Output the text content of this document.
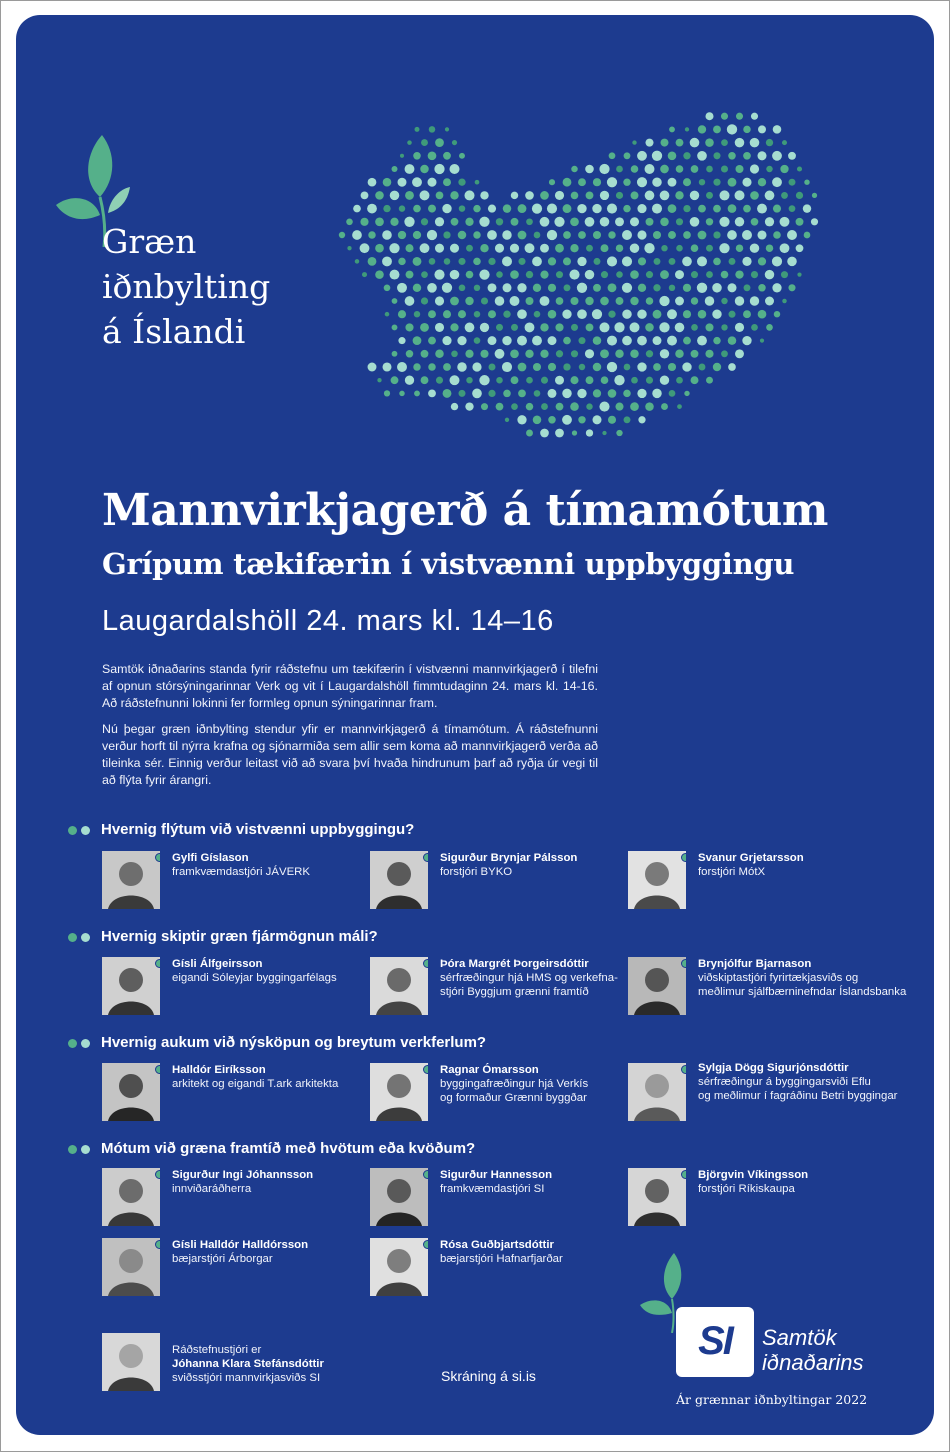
Græn
iðnbylting
á Íslandi
Mannvirkjagerð á tímamótum
Grípum tækifærin í vistvænni uppbyggingu
Laugardalshöll 24. mars kl. 14–16

Samtök iðnaðarins standa fyrir ráðstefnu um tækifærin í vistvænni mannvirkjagerð í tilefni af opnun stórsýningarinnar Verk og vit í Laugardalshöll fimmtudaginn 24. mars kl. 14-16. Að ráðstefnunni lokinni fer formleg opnun sýningarinnar fram.

Nú þegar græn iðnbylting stendur yfir er mannvirkjagerð á tímamótum. Á ráðstefnunni verður horft til nýrra krafna og sjónarmiða sem allir sem koma að mannvirkjagerð verða að tileinka sér. Einnig verður leitast við að svara því hvaða hindrunum þarf að ryðja úr vegi til að flýta fyrir árangri.

Hvernig flýtum við vistvænni uppbyggingu?
Gylfi Gíslason
framkvæmdastjóri JÁVERK
Sigurður Brynjar Pálsson
forstjóri BYKO
Svanur Grjetarsson
forstjóri MótX
Hvernig skiptir græn fjármögnun máli?
Gísli Álfgeirsson
eigandi Sóleyjar byggingarfélags
Þóra Margrét Þorgeirsdóttir
sérfræðingur hjá HMS og verkefna-
stjóri Byggjum grænni framtíð
Brynjólfur Bjarnason
viðskiptastjóri fyrirtækjasviðs og
meðlimur sjálfbærninefndar Íslandsbanka
Hvernig aukum við nýsköpun og breytum verkferlum?
Halldór Eiríksson
arkitekt og eigandi T.ark arkitekta
Ragnar Ómarsson
byggingafræðingur hjá Verkís
og formaður Grænni byggðar
Sylgja Dögg Sigurjónsdóttir
sérfræðingur á byggingarsviði Eflu
og meðlimur í fagráðinu Betri byggingar
Mótum við græna framtíð með hvötum eða kvöðum?
Sigurður Ingi Jóhannsson
innviðaráðherra
Sigurður Hannesson
framkvæmdastjóri SI
Björgvin Víkingsson
forstjóri Ríkiskaupa
Gísli Halldór Halldórsson
bæjarstjóri Árborgar
Rósa Guðbjartsdóttir
bæjarstjóri Hafnarfjarðar
Ráðstefnustjóri er
Jóhanna Klara Stefánsdóttir
sviðsstjóri mannvirkjasviðs SI	Skráning á si.is
SI	Samtök
iðnaðarins
Ár grænnar iðnbyltingar 2022
